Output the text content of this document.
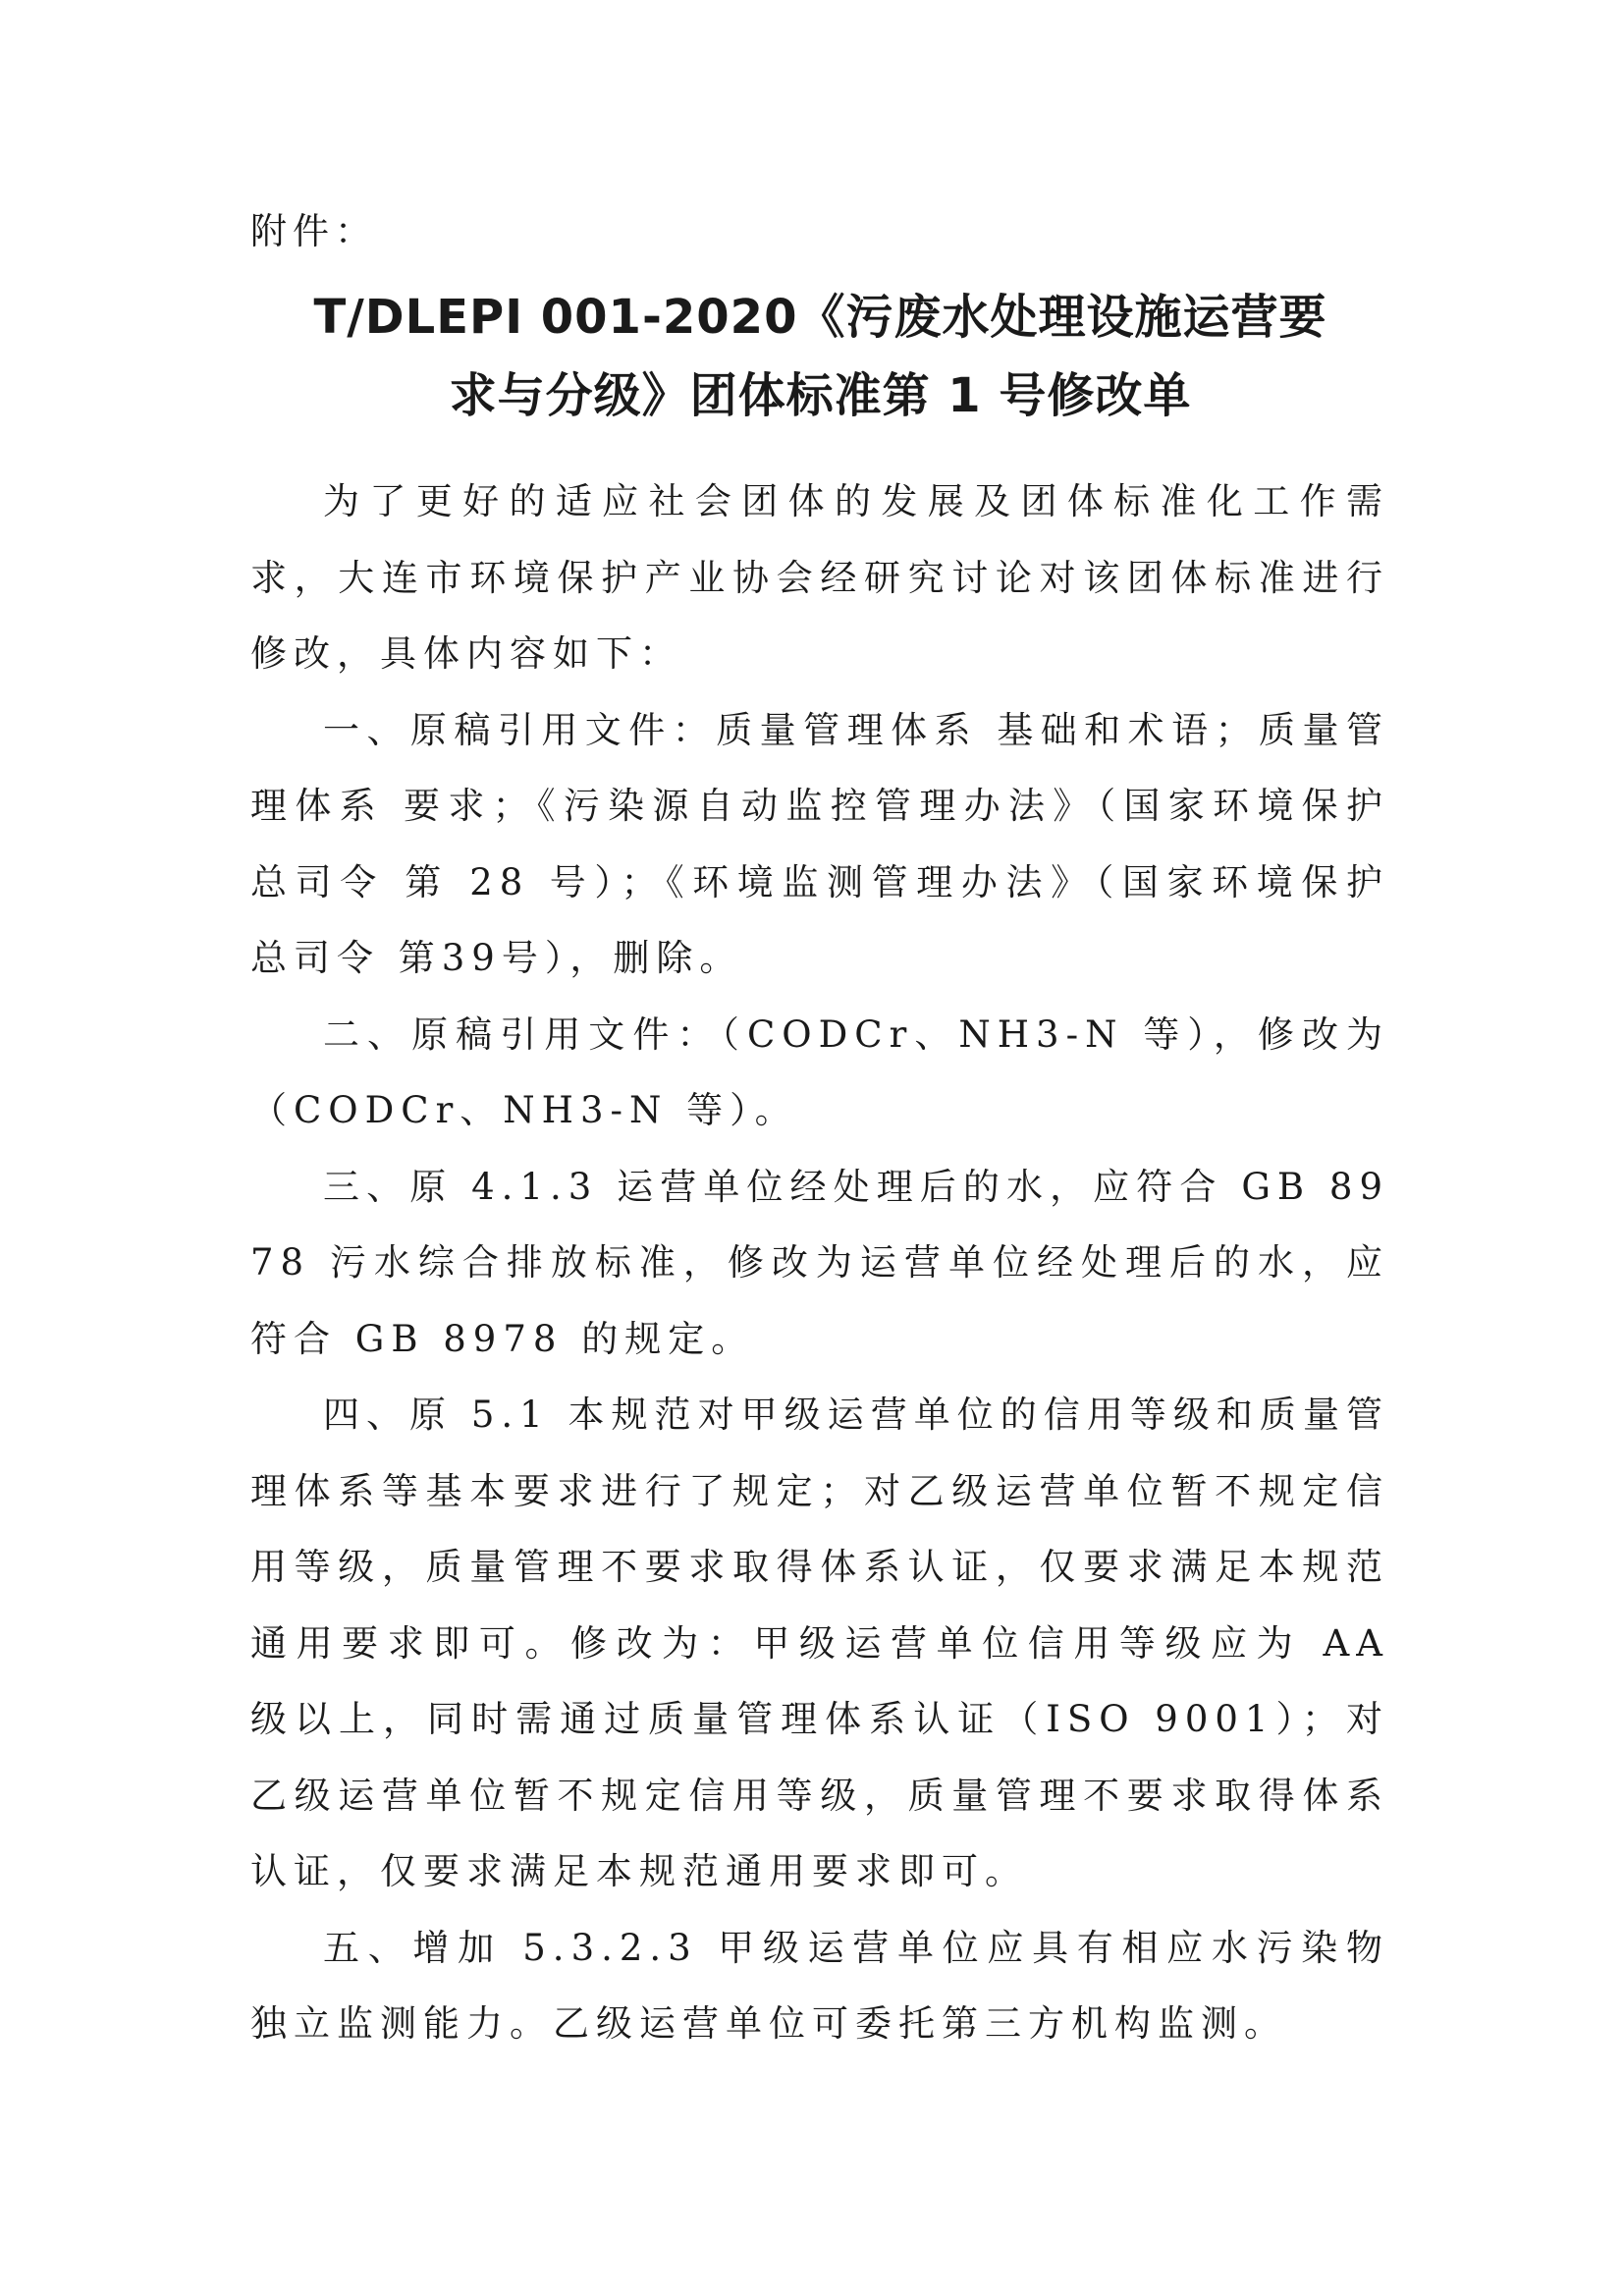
附件：
T/DLEPI 001-2020《污废水处理设施运营要
求与分级》团体标准第 1 号修改单

为了更好的适应社会团体的发展及团体标准化工作需求，大连市环境保护产业协会经研究讨论对该团体标准进行修改，具体内容如下：

一、原稿引用文件：质量管理体系 基础和术语；质量管理体系 要求；《污染源自动监控管理办法》（国家环境保护总司令 第 28 号）；《环境监测管理办法》（国家环境保护总司令 第39号），删除。

二、原稿引用文件：（CODCr、NH3-N 等），修改为（CODCr、NH3-N 等）。

三、原 4.1.3 运营单位经处理后的水，应符合 GB 8978 污水综合排放标准，修改为运营单位经处理后的水，应符合 GB 8978 的规定。

四、原 5.1 本规范对甲级运营单位的信用等级和质量管理体系等基本要求进行了规定；对乙级运营单位暂不规定信用等级，质量管理不要求取得体系认证，仅要求满足本规范通用要求即可。修改为：甲级运营单位信用等级应为 AA 级以上，同时需通过质量管理体系认证（ISO 9001）；对乙级运营单位暂不规定信用等级，质量管理不要求取得体系认证，仅要求满足本规范通用要求即可。

五、增加 5.3.2.3 甲级运营单位应具有相应水污染物独立监测能力。乙级运营单位可委托第三方机构监测。
